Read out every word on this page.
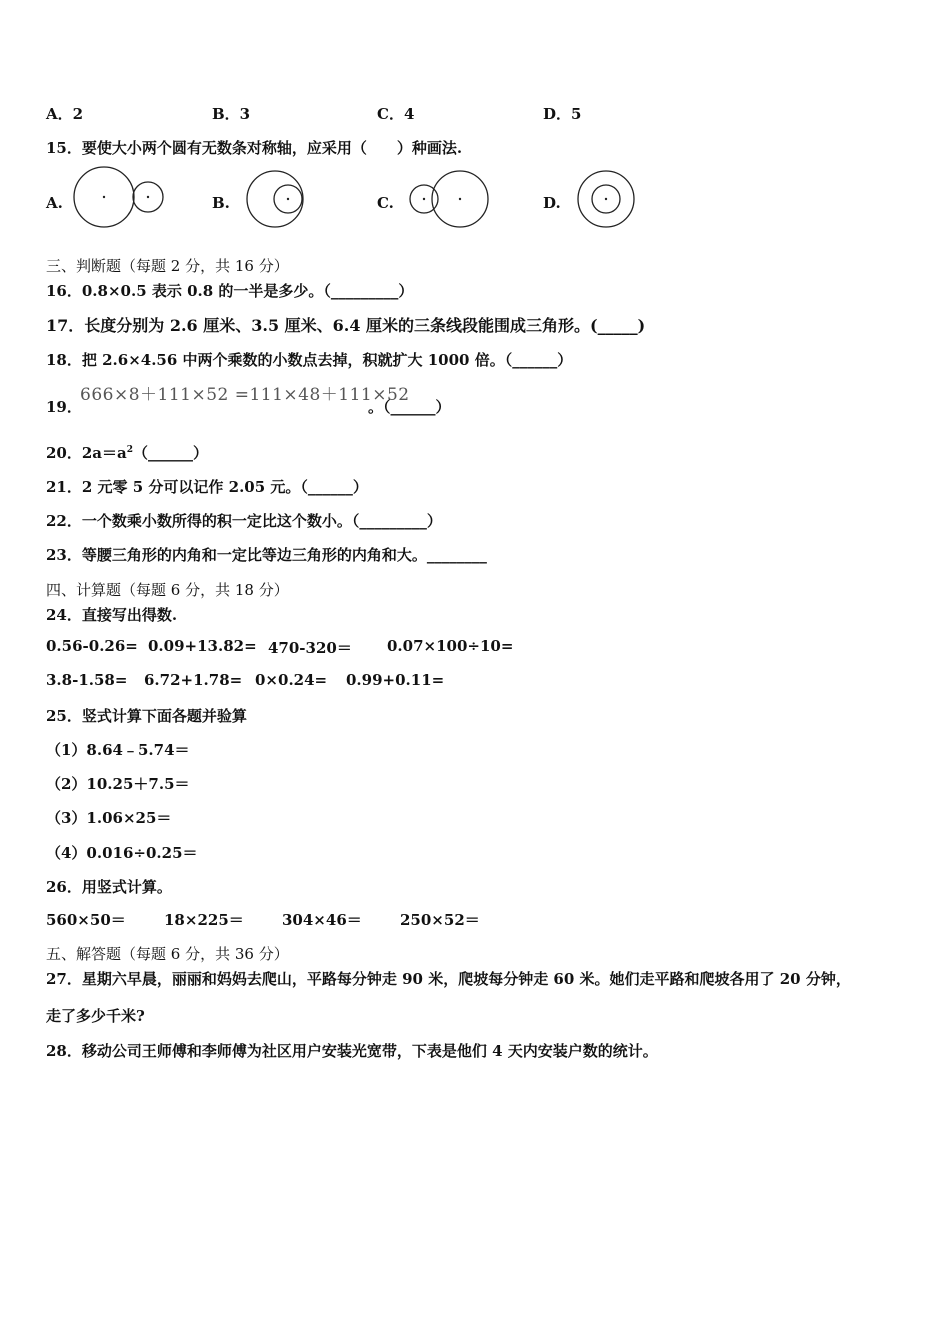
A．2	B．3	C．4	D．5
15．要使大小两个圆有无数条对称轴，应采用（　　）种画法.
A.	B.	C.	D.
三、判断题（每题 2 分，共 16 分）
16．0.8×0.5 表示 0.8 的一半是多少。（_________）
17．长度分别为 2.6 厘米、3.5 厘米、6.4 厘米的三条线段能围成三角形。(_____)
18．把 2.6×4.56 中两个乘数的小数点去掉，积就扩大 1000 倍。（______）
19．
666×8＋111×52 =111×48＋111×52
。（______）
20．$2a=a^2(\_\_\_\_\_\_)$
21．2 元零 5 分可以记作 2.05 元。（______）
22．一个数乘小数所得的积一定比这个数小。（_________）
23．等腰三角形的内角和一定比等边三角形的内角和大。________
四、计算题（每题 6 分，共 18 分）
24．直接写出得数.
0.56-0.26= 0.09+13.82= 470-320＝ 0.07×100÷10=
3.8-1.58= 6.72+1.78= 0×0.24= 0.99+0.11=
25．竖式计算下面各题并验算
（1）8.64﹣5.74＝
（2）10.25＋7.5＝
（3）1.06×25＝
（4）0.016÷0.25＝
26．用竖式计算。
560×50＝	18×225＝	304×46＝	250×52＝
五、解答题（每题 6 分，共 36 分）
27．星期六早晨，丽丽和妈妈去爬山，平路每分钟走 90 米，爬坡每分钟走 60 米。她们走平路和爬坡各用了 20 分钟，
走了多少千米?
28．移动公司王师傅和李师傅为社区用户安装光宽带，下表是他们 4 天内安装户数的统计。
